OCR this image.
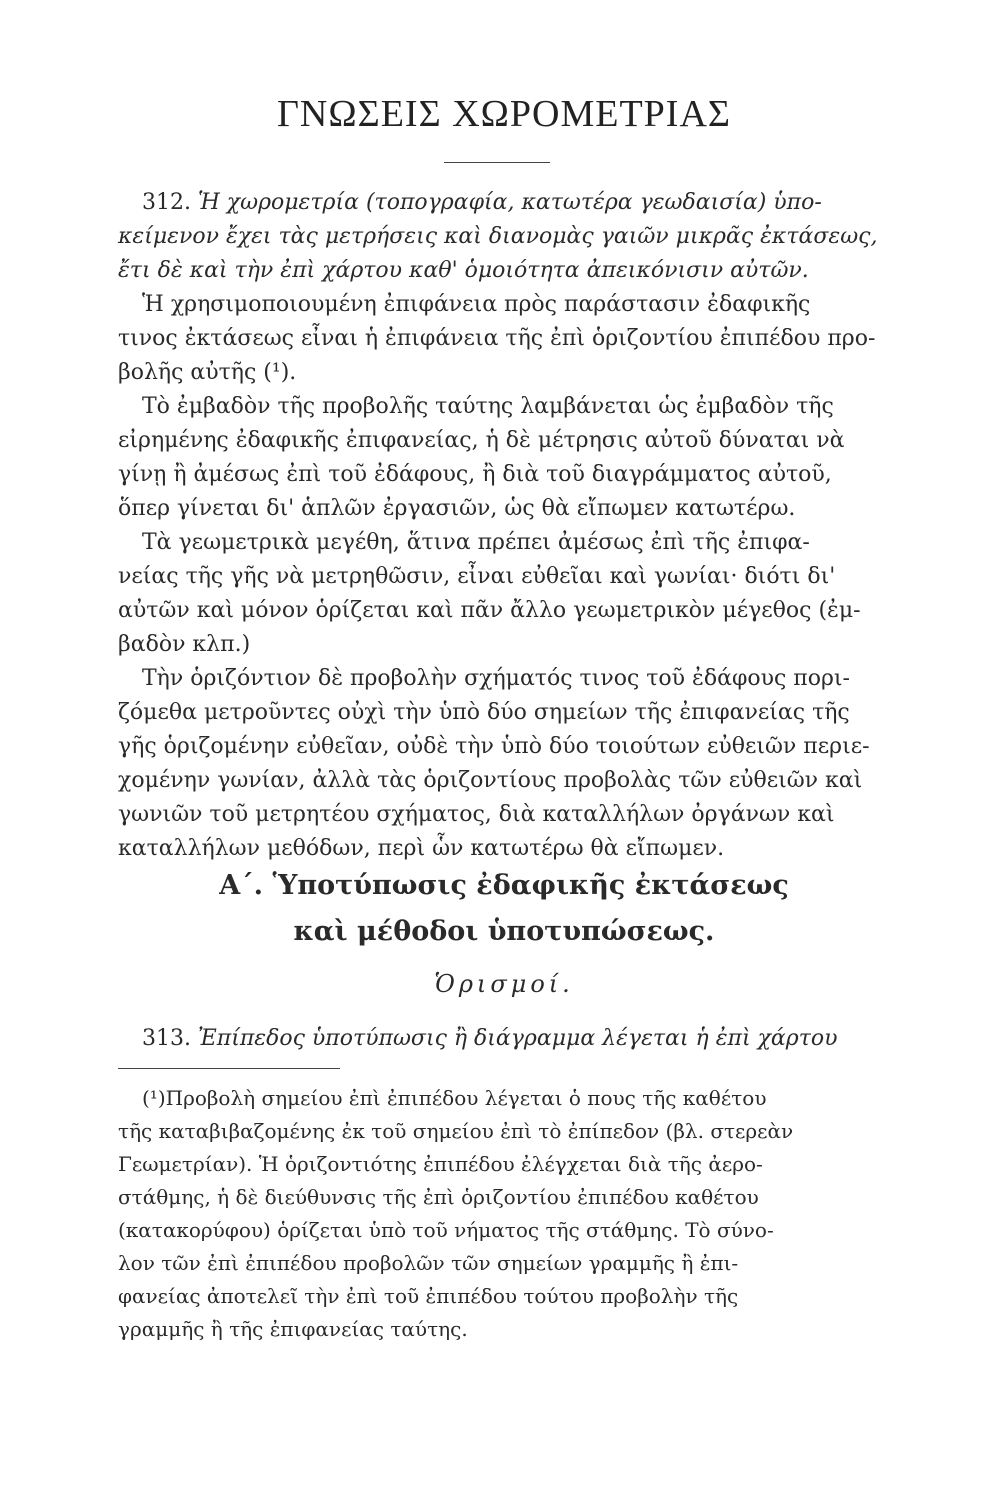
ΓΝΩΣΕΙΣ ΧΩΡΟΜΕΤΡΙΑΣ

312. Ἡ χωρομετρία (τοπογραφία, κατωτέρα γεωδαισία) ὑπο-

κείμενον ἔχει τὰς μετρήσεις καὶ διανομὰς γαιῶν μικρᾶς ἐκτάσεως,

ἔτι δὲ καὶ τὴν ἐπὶ χάρτου καθ' ὁμοιότητα ἀπεικόνισιν αὐτῶν.

Ἡ χρησιμοποιουμένη ἐπιφάνεια πρὸς παράστασιν ἐδαφικῆς

τινος ἐκτάσεως εἶναι ἡ ἐπιφάνεια τῆς ἐπὶ ὁριζοντίου ἐπιπέδου προ-

βολῆς αὐτῆς (¹).

Τὸ ἐμβαδὸν τῆς προβολῆς ταύτης λαμβάνεται ὡς ἐμβαδὸν τῆς

εἰρημένης ἐδαφικῆς ἐπιφανείας, ἡ δὲ μέτρησις αὐτοῦ δύναται νὰ

γίνῃ ἢ ἀμέσως ἐπὶ τοῦ ἐδάφους, ἢ διὰ τοῦ διαγράμματος αὐτοῦ,

ὅπερ γίνεται δι' ἁπλῶν ἐργασιῶν, ὡς θὰ εἴπωμεν κατωτέρω.

Τὰ γεωμετρικὰ μεγέθη, ἅτινα πρέπει ἀμέσως ἐπὶ τῆς ἐπιφα-

νείας τῆς γῆς νὰ μετρηθῶσιν, εἶναι εὐθεῖαι καὶ γωνίαι· διότι δι'

αὐτῶν καὶ μόνον ὁρίζεται καὶ πᾶν ἄλλο γεωμετρικὸν μέγεθος (ἐμ-

βαδὸν κλπ.)

Τὴν ὁριζόντιον δὲ προβολὴν σχήματός τινος τοῦ ἐδάφους πορι-

ζόμεθα μετροῦντες οὐχὶ τὴν ὑπὸ δύο σημείων τῆς ἐπιφανείας τῆς

γῆς ὁριζομένην εὐθεῖαν, οὐδὲ τὴν ὑπὸ δύο τοιούτων εὐθειῶν περιε-

χομένην γωνίαν, ἀλλὰ τὰς ὁριζοντίους προβολὰς τῶν εὐθειῶν καὶ

γωνιῶν τοῦ μετρητέου σχήματος, διὰ καταλλήλων ὀργάνων καὶ

καταλλήλων μεθόδων, περὶ ὧν κατωτέρω θὰ εἴπωμεν.

Α΄. Ὑποτύπωσις ἐδαφικῆς ἐκτάσεως
καὶ μέθοδοι ὑποτυπώσεως.
Ὁρισμοί.

313. Ἐπίπεδος ὑποτύπωσις ἢ διάγραμμα λέγεται ἡ ἐπὶ χάρτου

(¹)Προβολὴ σημείου ἐπὶ ἐπιπέδου λέγεται ὁ πους τῆς καθέτου

τῆς καταβιβαζομένης ἐκ τοῦ σημείου ἐπὶ τὸ ἐπίπεδον (βλ. στερεὰν

Γεωμετρίαν). Ἡ ὁριζοντιότης ἐπιπέδου ἐλέγχεται διὰ τῆς ἀερο-

στάθμης, ἡ δὲ διεύθυνσις τῆς ἐπὶ ὁριζοντίου ἐπιπέδου καθέτου

(κατακορύφου) ὁρίζεται ὑπὸ τοῦ νήματος τῆς στάθμης. Τὸ σύνο-

λον τῶν ἐπὶ ἐπιπέδου προβολῶν τῶν σημείων γραμμῆς ἢ ἐπι-

φανείας ἀποτελεῖ τὴν ἐπὶ τοῦ ἐπιπέδου τούτου προβολὴν τῆς

γραμμῆς ἢ τῆς ἐπιφανείας ταύτης.
